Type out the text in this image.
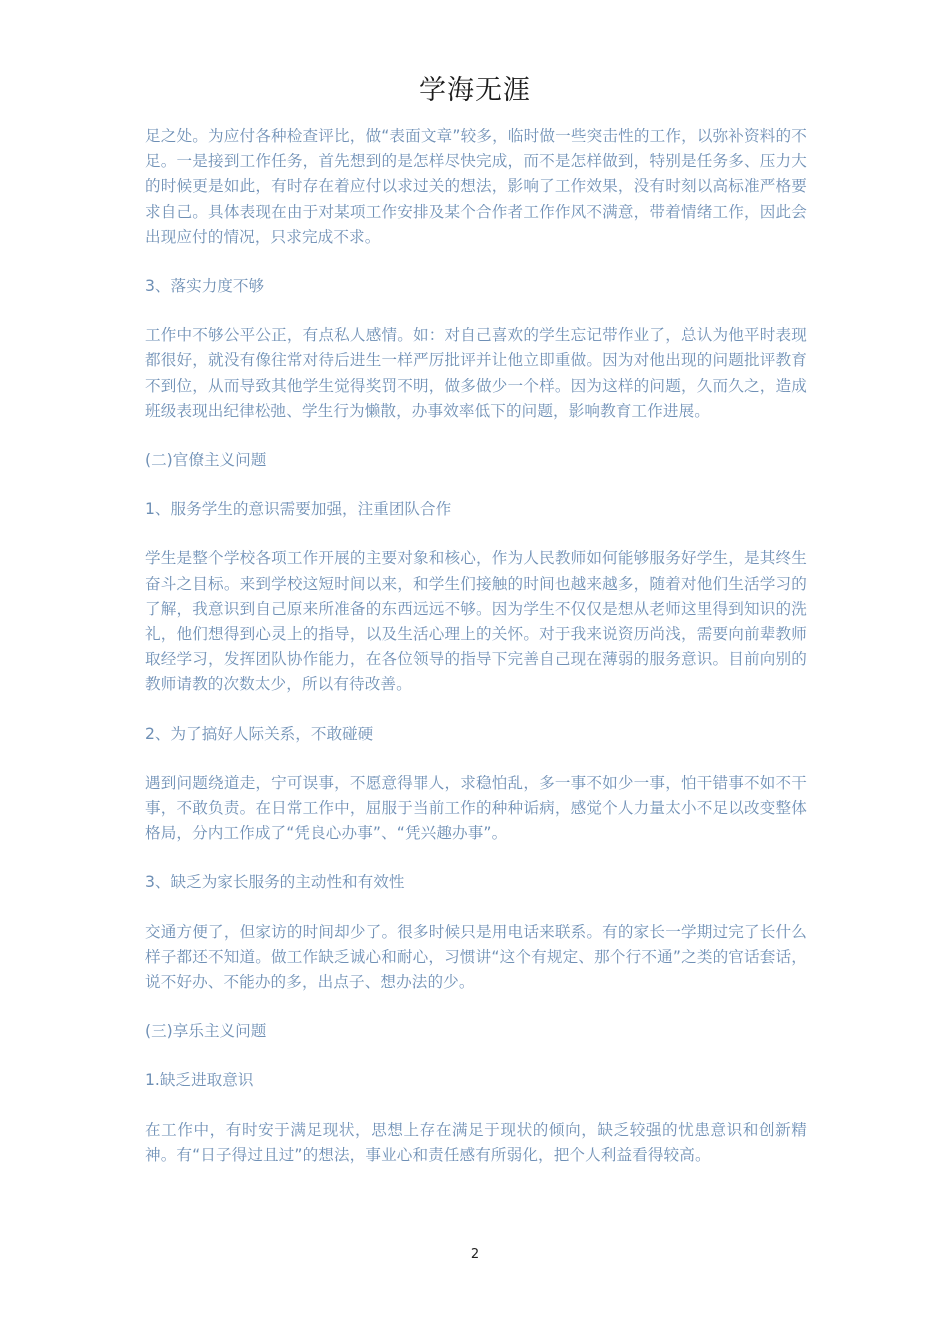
学海无涯

足之处。为应付各种检查评比，做“表面文章”较多，临时做一些突击性的工作，以弥补资料的不足。一是接到工作任务，首先想到的是怎样尽快完成，而不是怎样做到，特别是任务多、压力大的时候更是如此，有时存在着应付以求过关的想法，影响了工作效果，没有时刻以高标准严格要求自己。具体表现在由于对某项工作安排及某个合作者工作作风不满意，带着情绪工作，因此会出现应付的情况，只求完成不求。

3、落实力度不够

工作中不够公平公正，有点私人感情。如：对自己喜欢的学生忘记带作业了，总认为他平时表现都很好，就没有像往常对待后进生一样严厉批评并让他立即重做。因为对他出现的问题批评教育不到位，从而导致其他学生觉得奖罚不明，做多做少一个样。因为这样的问题，久而久之，造成班级表现出纪律松弛、学生行为懒散，办事效率低下的问题，影响教育工作进展。

(二)官僚主义问题

1、服务学生的意识需要加强，注重团队合作

学生是整个学校各项工作开展的主要对象和核心，作为人民教师如何能够服务好学生，是其终生奋斗之目标。来到学校这短时间以来，和学生们接触的时间也越来越多，随着对他们生活学习的了解，我意识到自己原来所准备的东西远远不够。因为学生不仅仅是想从老师这里得到知识的洗礼，他们想得到心灵上的指导，以及生活心理上的关怀。对于我来说资历尚浅，需要向前辈教师取经学习，发挥团队协作能力，在各位领导的指导下完善自己现在薄弱的服务意识。目前向别的教师请教的次数太少，所以有待改善。

2、为了搞好人际关系，不敢碰硬

遇到问题绕道走，宁可误事，不愿意得罪人，求稳怕乱，多一事不如少一事，怕干错事不如不干事，不敢负责。在日常工作中，屈服于当前工作的种种诟病，感觉个人力量太小不足以改变整体格局，分内工作成了“凭良心办事”、“凭兴趣办事”。

3、缺乏为家长服务的主动性和有效性

交通方便了，但家访的时间却少了。很多时候只是用电话来联系。有的家长一学期过完了长什么样子都还不知道。做工作缺乏诚心和耐心，习惯讲“这个有规定、那个行不通”之类的官话套话，说不好办、不能办的多，出点子、想办法的少。

(三)享乐主义问题

1.缺乏进取意识

在工作中，有时安于满足现状，思想上存在满足于现状的倾向，缺乏较强的忧患意识和创新精神。有“日子得过且过”的想法，事业心和责任感有所弱化，把个人利益看得较高。

2
